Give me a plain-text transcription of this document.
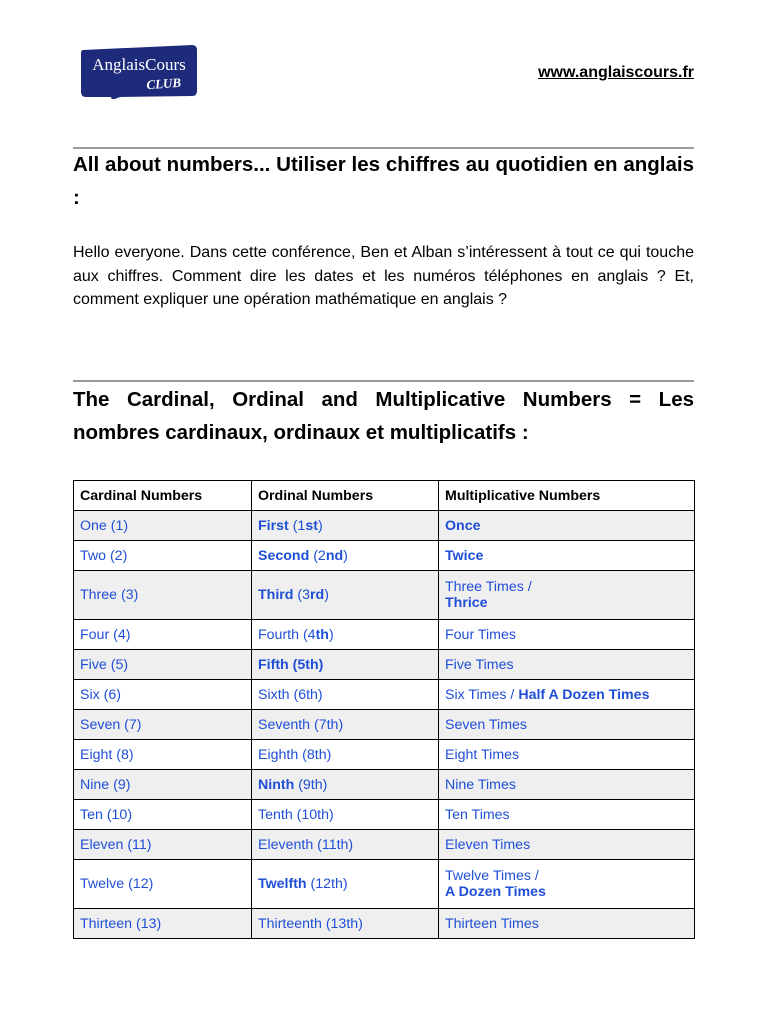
AnglaisCours
CLUB
www.anglaiscours.fr
All about numbers... Utiliser les chiffres au quotidien en anglais :

Hello everyone. Dans cette conférence, Ben et Alban s’intéressent à tout ce qui touche aux chiffres. Comment dire les dates et les numéros téléphones en anglais ? Et, comment expliquer une opération mathématique en anglais ?

The Cardinal, Ordinal and Multiplicative Numbers = Les nombres cardinaux, ordinaux et multiplicatifs :
Cardinal Numbers	Ordinal Numbers	Multiplicative Numbers
One (1)	First (1st)	Once
Two (2)	Second (2nd)	Twice
Three (3)	Third (3rd)	Three Times /
Thrice
Four (4)	Fourth (4th)	Four Times
Five (5)	Fifth (5th)	Five Times
Six (6)	Sixth (6th)	Six Times / Half A Dozen Times
Seven (7)	Seventh (7th)	Seven Times
Eight (8)	Eighth (8th)	Eight Times
Nine (9)	Ninth (9th)	Nine Times
Ten (10)	Tenth (10th)	Ten Times
Eleven (11)	Eleventh (11th)	Eleven Times
Twelve (12)	Twelfth (12th)	Twelve Times /
A Dozen Times
Thirteen (13)	Thirteenth (13th)	Thirteen Times
